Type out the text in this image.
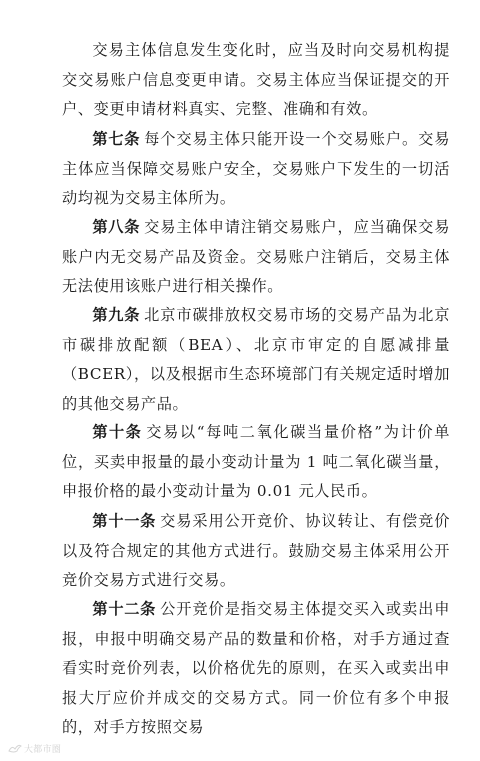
交易主体信息发生变化时，应当及时向交易机构提交交易账户信息变更申请。交易主体应当保证提交的开户、变更申请材料真实、完整、准确和有效。

第七条 每个交易主体只能开设一个交易账户。交易主体应当保障交易账户安全，交易账户下发生的一切活动均视为交易主体所为。

第八条 交易主体申请注销交易账户，应当确保交易账户内无交易产品及资金。交易账户注销后，交易主体无法使用该账户进行相关操作。

第九条 北京市碳排放权交易市场的交易产品为北京市碳排放配额（BEA）、北京市审定的自愿减排量（BCER），以及根据市生态环境部门有关规定适时增加的其他交易产品。

第十条 交易以“每吨二氧化碳当量价格”为计价单位，买卖申报量的最小变动计量为 1 吨二氧化碳当量，申报价格的最小变动计量为 0.01 元人民币。

第十一条 交易采用公开竞价、协议转让、有偿竞价以及符合规定的其他方式进行。鼓励交易主体采用公开竞价交易方式进行交易。

第十二条 公开竞价是指交易主体提交买入或卖出申报，申报中明确交易产品的数量和价格，对手方通过查看实时竞价列表，以价格优先的原则，在买入或卖出申报大厅应价并成交的交易方式。同一价位有多个申报的，对手方按照交易

大都市圈
